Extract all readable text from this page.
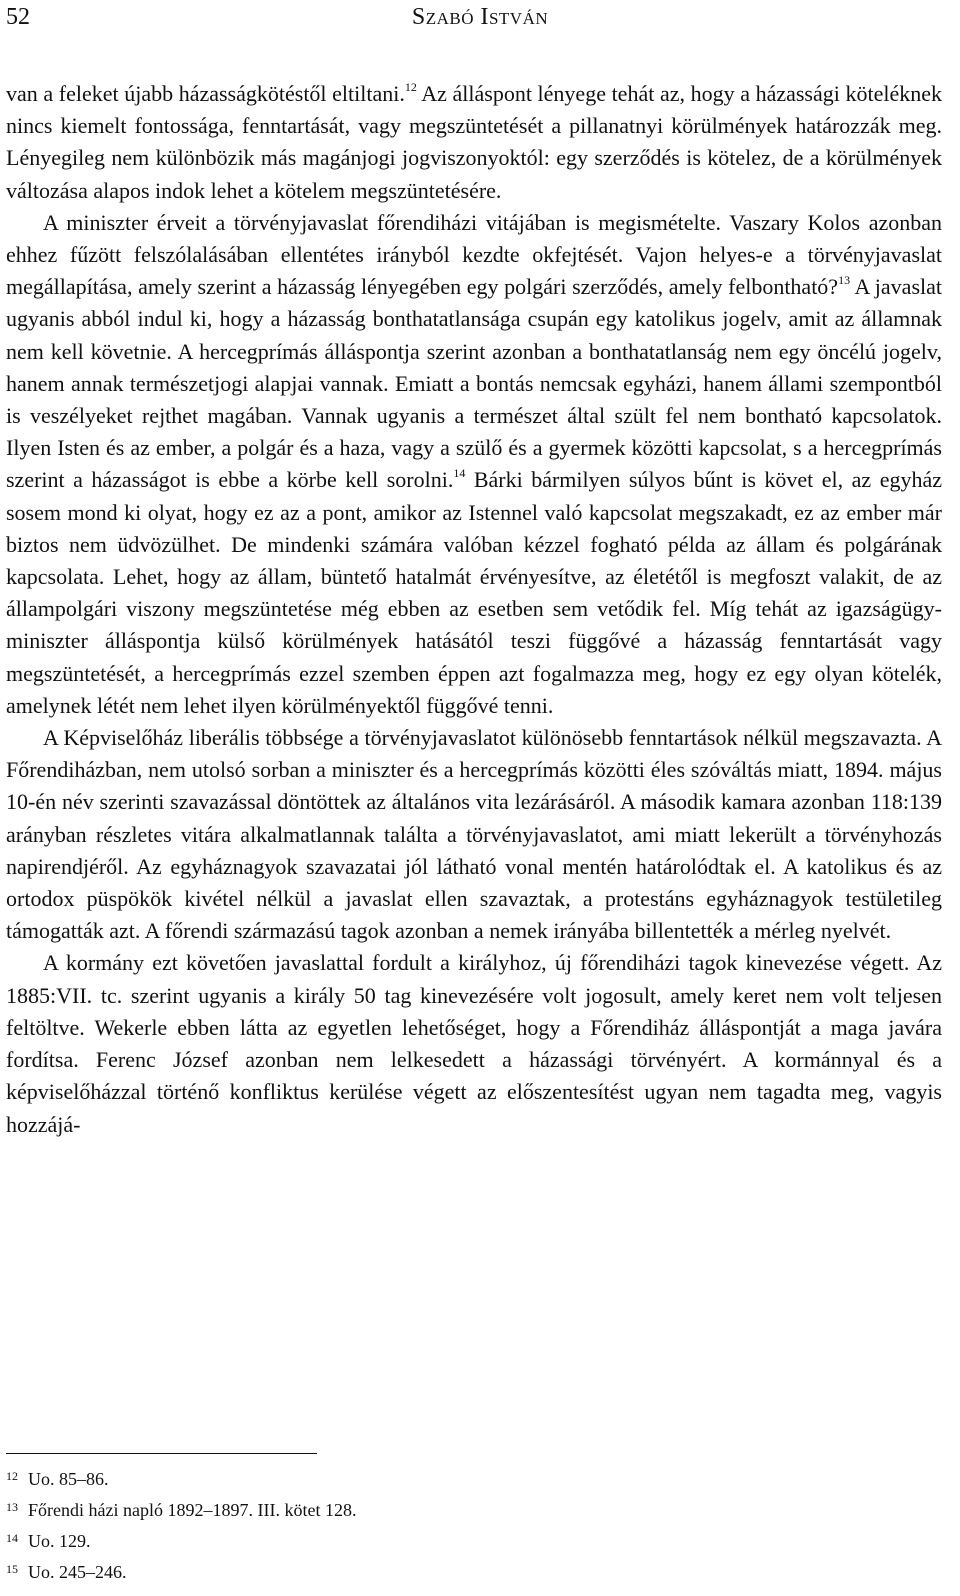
52	Szabó István

van a feleket újabb házasságkötéstől eltiltani.$^{12}$ Az álláspont lényege tehát az, hogy a házassági köteléknek nincs kiemelt fontossága, fenntartását, vagy megszüntetését a pillanatnyi körülmények határozzák meg. Lényegileg nem különbözik más magánjogi jogviszonyoktól: egy szerződés is kötelez, de a körülmények változása alapos indok lehet a kötelem megszüntetésére.

A miniszter érveit a törvényjavaslat főrendiházi vitájában is megismételte. Vaszary Kolos azonban ehhez fűzött felszólalásában ellentétes irányból kezdte okfejtését. Vajon helyes-e a törvényjavaslat megállapítása, amely szerint a házasság lényegében egy polgári szerződés, amely felbontható?$^{13}$ A javaslat ugyanis abból indul ki, hogy a házasság bonthatatlansága csupán egy katolikus jogelv, amit az államnak nem kell követnie. A hercegprímás álláspontja szerint azonban a bonthatatlanság nem egy öncélú jogelv, hanem annak természetjogi alapjai vannak. Emiatt a bontás nemcsak egyházi, hanem állami szempontból is veszélyeket rejthet magában. Vannak ugyanis a természet által szült fel nem bontható kapcsolatok. Ilyen Isten és az ember, a polgár és a haza, vagy a szülő és a gyermek közötti kapcsolat, s a hercegprímás szerint a házasságot is ebbe a körbe kell sorolni.$^{14}$ Bárki bármilyen súlyos bűnt is követ el, az egyház sosem mond ki olyat, hogy ez az a pont, amikor az Istennel való kapcsolat megszakadt, ez az ember már biztos nem üdvözülhet. De mindenki számára valóban kézzel fogható példa az állam és polgárának kapcsolata. Lehet, hogy az állam, büntető hatalmát érvényesítve, az életétől is megfoszt valakit, de az állampolgári viszony megszüntetése még ebben az esetben sem vetődik fel. Míg tehát az igazságügy-miniszter álláspontja külső körülmények hatásától teszi függővé a házasság fenntartását vagy megszüntetését, a hercegprímás ezzel szemben éppen azt fogalmazza meg, hogy ez egy olyan kötelék, amelynek létét nem lehet ilyen körülményektől függővé tenni.

A Képviselőház liberális többsége a törvényjavaslatot különösebb fenntartások nélkül megszavazta. A Főrendiházban, nem utolsó sorban a miniszter és a hercegprímás közötti éles szóváltás miatt, 1894. május 10-én név szerinti szavazással döntöttek az általános vita lezárásáról. A második kamara azonban 118:139 arányban részletes vitára alkalmatlannak találta a törvényjavaslatot, ami miatt lekerült a törvényhozás napirendjéről. Az egyháznagyok szavazatai jól látható vonal mentén határolódtak el. A katolikus és az ortodox püspökök kivétel nélkül a javaslat ellen szavaztak, a protestáns egyháznagyok testületileg támogatták azt. A főrendi származású tagok azonban a nemek irányába billentették a mérleg nyelvét.

A kormány ezt követően javaslattal fordult a királyhoz, új főrendiházi tagok kinevezése végett. Az 1885:VII. tc. szerint ugyanis a király 50 tag kinevezésére volt jogosult, amely keret nem volt teljesen feltöltve. Wekerle ebben látta az egyetlen lehetőséget, hogy a Főrendiház álláspontját a maga javára fordítsa. Ferenc József azonban nem lelkesedett a házassági törvényért. A kormánnyal és a képviselőházzal történő konfliktus kerülése végett az előszentesítést ugyan nem tagadta meg, vagyis hozzájá-

12 Uo. 85–86.
13 Főrendi házi napló 1892–1897. III. kötet 128.
14 Uo. 129.
15 Uo. 245–246.
